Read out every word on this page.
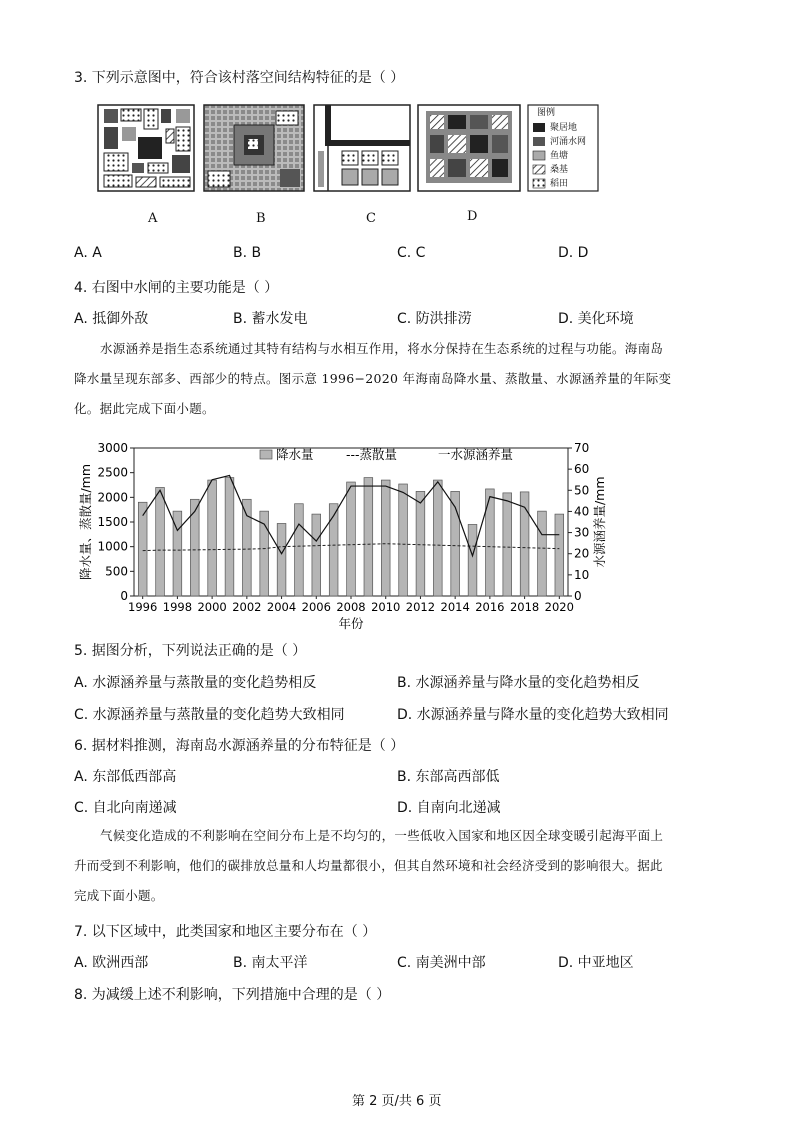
3. 下列示意图中，符合该村落空间结构特征的是（ ）
图例
聚居地
河涌水网
鱼塘
桑基
稻田
A	B	C	D
A. A	B. B	C. C	D. D
4. 右图中水闸的主要功能是（ ）
A. 抵御外敌	B. 蓄水发电	C. 防洪排涝	D. 美化环境
水源涵养是指生态系统通过其特有结构与水相互作用，将水分保持在生态系统的过程与功能。海南岛
降水量呈现东部多、西部少的特点。图示意 1996−2020 年海南岛降水量、蒸散量、水源涵养量的年际变
化。据此完成下面小题。
0
500
1000
1500
2000
2500
3000
0
10
20
30
40
50
60
70
1996 1998 2000 2002 2004 2006 2008 2010 2012 2014 2016 2018 2020
降水量	---蒸散量	一水源涵养量
降水量、蒸散量/mm	水源涵养量/mm
年份
5. 据图分析，下列说法正确的是（ ）
A. 水源涵养量与蒸散量的变化趋势相反	B. 水源涵养量与降水量的变化趋势相反
C. 水源涵养量与蒸散量的变化趋势大致相同	D. 水源涵养量与降水量的变化趋势大致相同
6. 据材料推测，海南岛水源涵养量的分布特征是（ ）
A. 东部低西部高	B. 东部高西部低
C. 自北向南递减	D. 自南向北递减
气候变化造成的不利影响在空间分布上是不均匀的，一些低收入国家和地区因全球变暖引起海平面上
升而受到不利影响，他们的碳排放总量和人均量都很小，但其自然环境和社会经济受到的影响很大。据此
完成下面小题。
7. 以下区域中，此类国家和地区主要分布在（ ）
A. 欧洲西部	B. 南太平洋	C. 南美洲中部	D. 中亚地区
8. 为减缓上述不利影响，下列措施中合理的是（ ）
第 2 页/共 6 页
